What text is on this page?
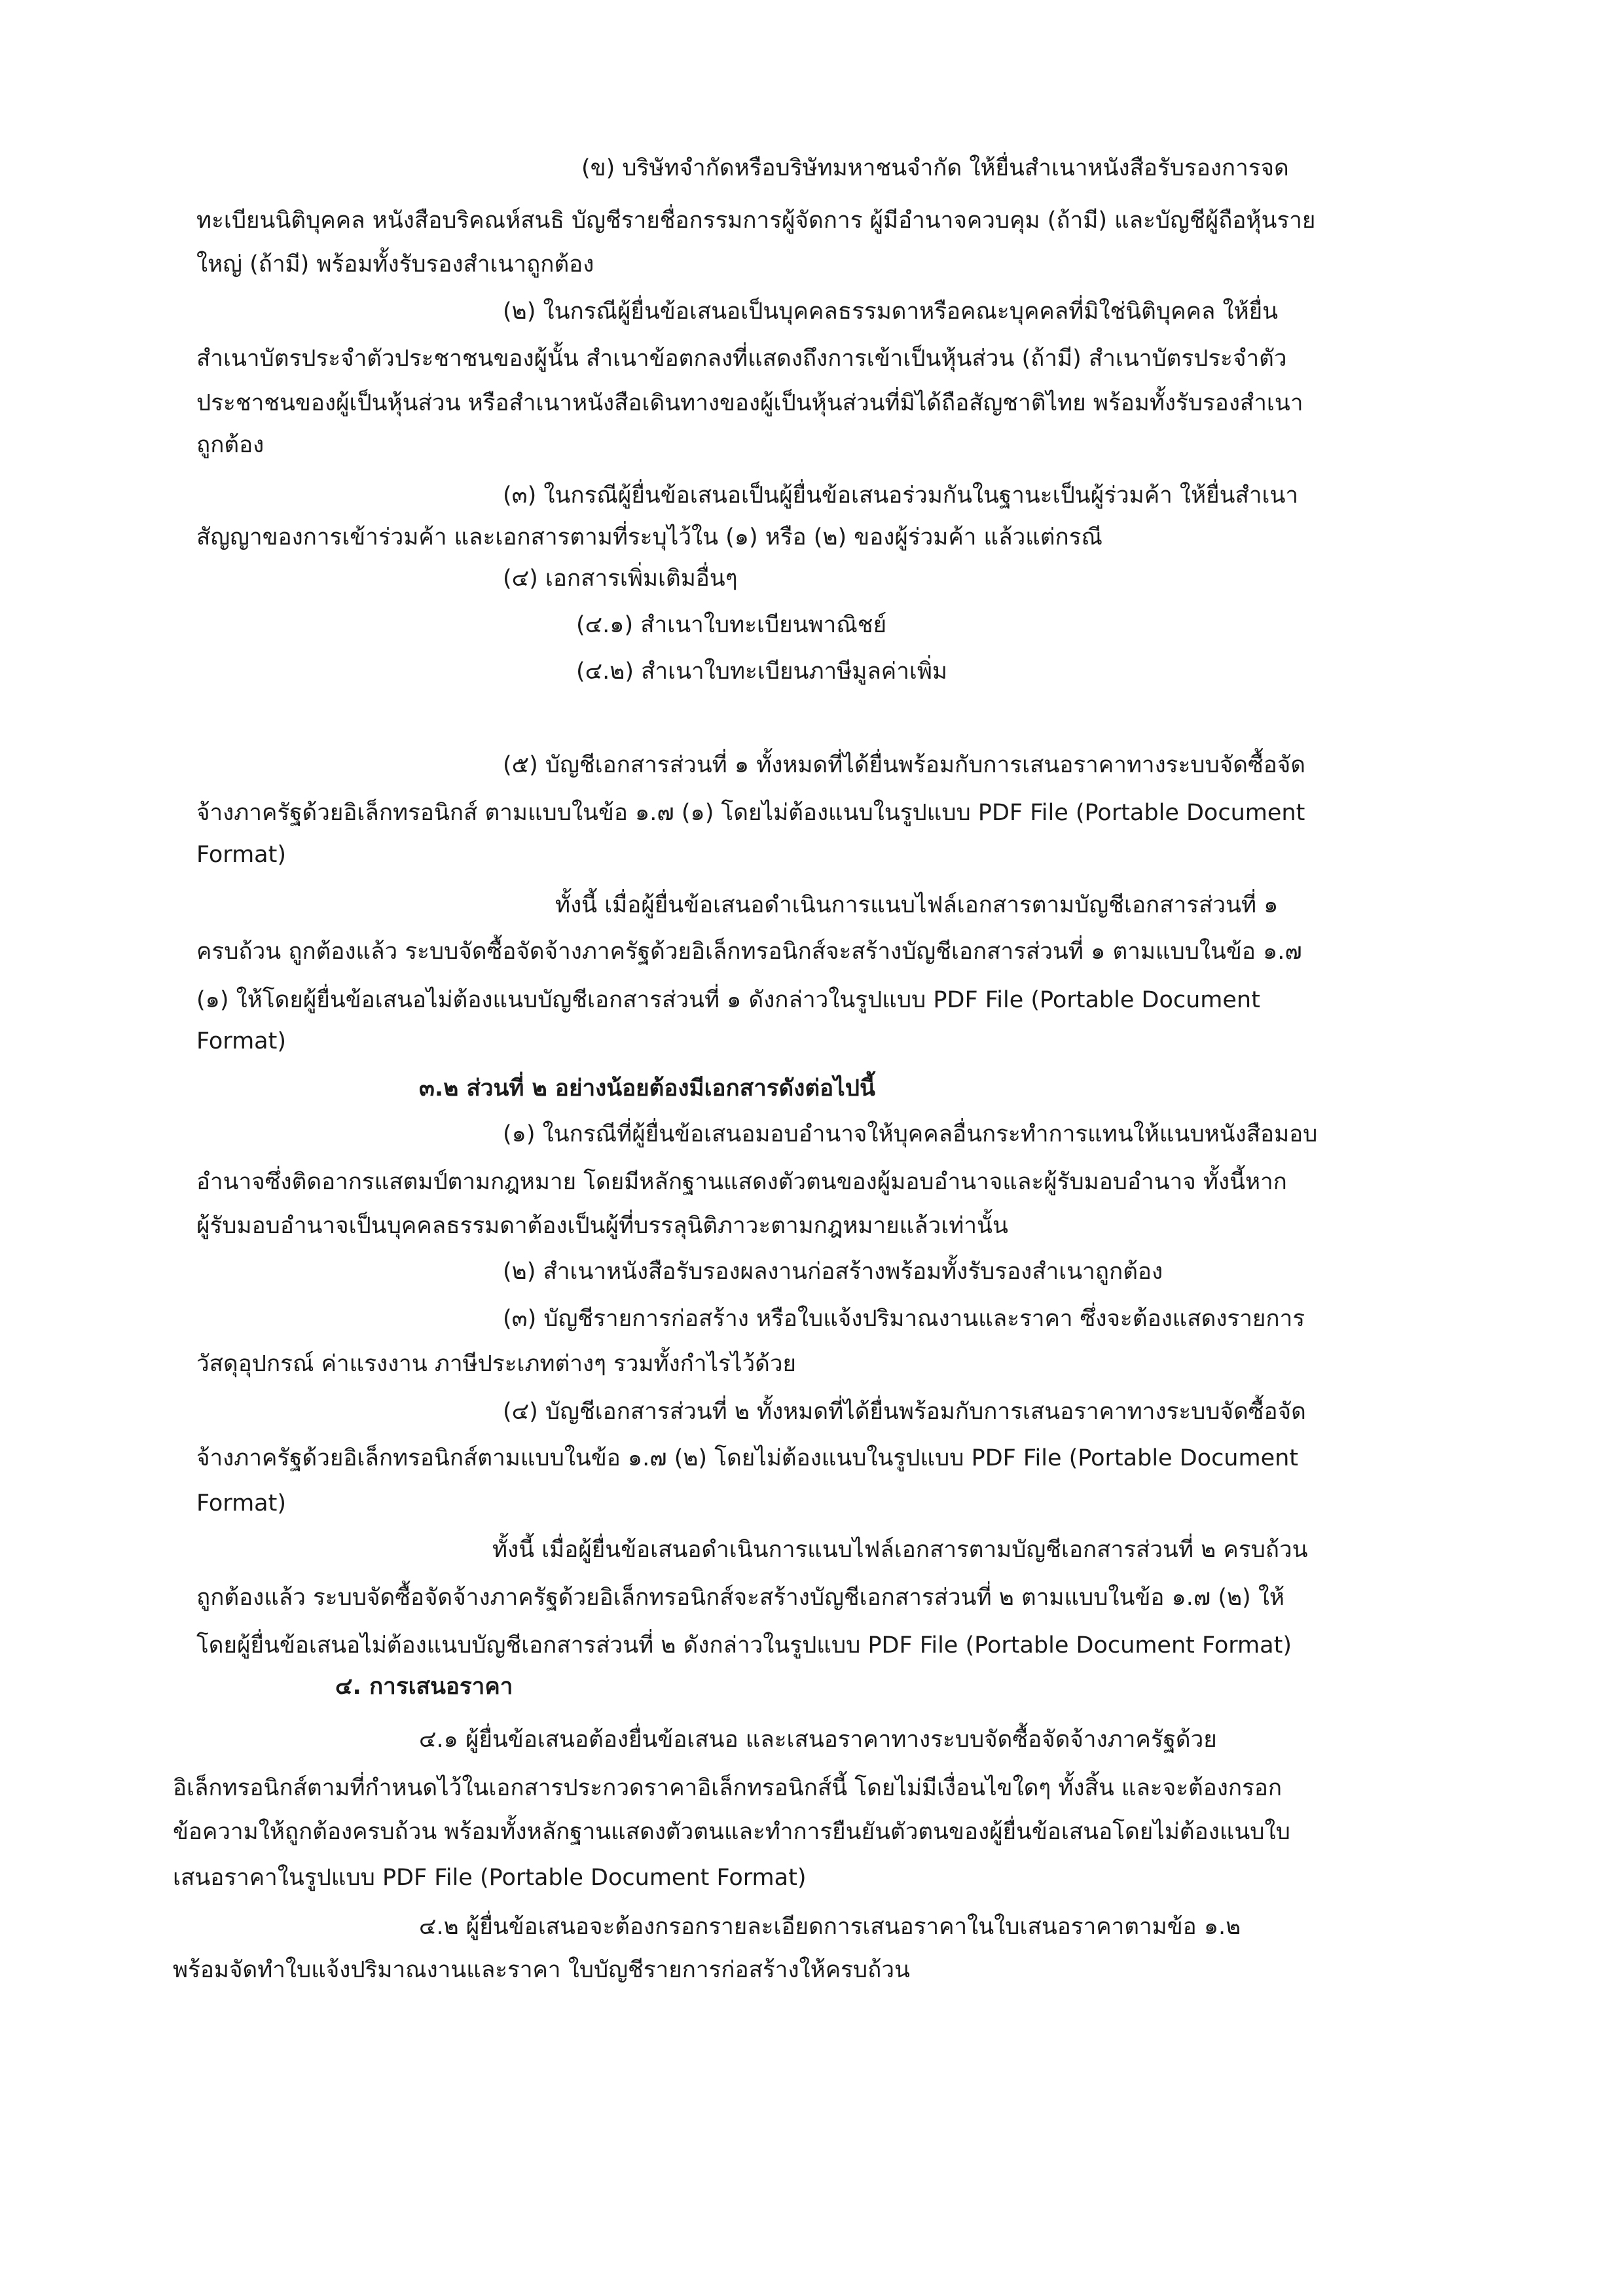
(ข) บริษัทจำกัดหรือบริษัทมหาชนจำกัด ให้ยื่นสำเนาหนังสือรับรองการจด

ทะเบียนนิติบุคคล หนังสือบริคณห์สนธิ บัญชีรายชื่อกรรมการผู้จัดการ ผู้มีอำนาจควบคุม (ถ้ามี) และบัญชีผู้ถือหุ้นราย

ใหญ่ (ถ้ามี) พร้อมทั้งรับรองสำเนาถูกต้อง

(๒) ในกรณีผู้ยื่นข้อเสนอเป็นบุคคลธรรมดาหรือคณะบุคคลที่มิใช่นิติบุคคล ให้ยื่น

สำเนาบัตรประจำตัวประชาชนของผู้นั้น สำเนาข้อตกลงที่แสดงถึงการเข้าเป็นหุ้นส่วน (ถ้ามี) สำเนาบัตรประจำตัว

ประชาชนของผู้เป็นหุ้นส่วน หรือสำเนาหนังสือเดินทางของผู้เป็นหุ้นส่วนที่มิได้ถือสัญชาติไทย พร้อมทั้งรับรองสำเนา

ถูกต้อง

(๓) ในกรณีผู้ยื่นข้อเสนอเป็นผู้ยื่นข้อเสนอร่วมกันในฐานะเป็นผู้ร่วมค้า ให้ยื่นสำเนา

สัญญาของการเข้าร่วมค้า และเอกสารตามที่ระบุไว้ใน (๑) หรือ (๒) ของผู้ร่วมค้า แล้วแต่กรณี

(๔) เอกสารเพิ่มเติมอื่นๆ

(๔.๑) สำเนาใบทะเบียนพาณิชย์

(๔.๒) สำเนาใบทะเบียนภาษีมูลค่าเพิ่ม

(๕) บัญชีเอกสารส่วนที่ ๑ ทั้งหมดที่ได้ยื่นพร้อมกับการเสนอราคาทางระบบจัดซื้อจัด

จ้างภาครัฐด้วยอิเล็กทรอนิกส์ ตามแบบในข้อ ๑.๗ (๑) โดยไม่ต้องแนบในรูปแบบ PDF File (Portable Document

Format)

ทั้งนี้ เมื่อผู้ยื่นข้อเสนอดำเนินการแนบไฟล์เอกสารตามบัญชีเอกสารส่วนที่ ๑

ครบถ้วน ถูกต้องแล้ว ระบบจัดซื้อจัดจ้างภาครัฐด้วยอิเล็กทรอนิกส์จะสร้างบัญชีเอกสารส่วนที่ ๑ ตามแบบในข้อ ๑.๗

(๑) ให้โดยผู้ยื่นข้อเสนอไม่ต้องแนบบัญชีเอกสารส่วนที่ ๑ ดังกล่าวในรูปแบบ PDF File (Portable Document

Format)

๓.๒ ส่วนที่ ๒ อย่างน้อยต้องมีเอกสารดังต่อไปนี้

(๑) ในกรณีที่ผู้ยื่นข้อเสนอมอบอำนาจให้บุคคลอื่นกระทำการแทนให้แนบหนังสือมอบ

อำนาจซึ่งติดอากรแสตมป์ตามกฎหมาย โดยมีหลักฐานแสดงตัวตนของผู้มอบอำนาจและผู้รับมอบอำนาจ ทั้งนี้หาก

ผู้รับมอบอำนาจเป็นบุคคลธรรมดาต้องเป็นผู้ที่บรรลุนิติภาวะตามกฎหมายแล้วเท่านั้น

(๒) สำเนาหนังสือรับรองผลงานก่อสร้างพร้อมทั้งรับรองสำเนาถูกต้อง

(๓) บัญชีรายการก่อสร้าง หรือใบแจ้งปริมาณงานและราคา ซึ่งจะต้องแสดงรายการ

วัสดุอุปกรณ์ ค่าแรงงาน ภาษีประเภทต่างๆ รวมทั้งกำไรไว้ด้วย

(๔) บัญชีเอกสารส่วนที่ ๒ ทั้งหมดที่ได้ยื่นพร้อมกับการเสนอราคาทางระบบจัดซื้อจัด

จ้างภาครัฐด้วยอิเล็กทรอนิกส์ตามแบบในข้อ ๑.๗ (๒) โดยไม่ต้องแนบในรูปแบบ PDF File (Portable Document

Format)

ทั้งนี้ เมื่อผู้ยื่นข้อเสนอดำเนินการแนบไฟล์เอกสารตามบัญชีเอกสารส่วนที่ ๒ ครบถ้วน

ถูกต้องแล้ว ระบบจัดซื้อจัดจ้างภาครัฐด้วยอิเล็กทรอนิกส์จะสร้างบัญชีเอกสารส่วนที่ ๒ ตามแบบในข้อ ๑.๗ (๒) ให้

โดยผู้ยื่นข้อเสนอไม่ต้องแนบบัญชีเอกสารส่วนที่ ๒ ดังกล่าวในรูปแบบ PDF File (Portable Document Format)

๔. การเสนอราคา

๔.๑ ผู้ยื่นข้อเสนอต้องยื่นข้อเสนอ และเสนอราคาทางระบบจัดซื้อจัดจ้างภาครัฐด้วย

อิเล็กทรอนิกส์ตามที่กำหนดไว้ในเอกสารประกวดราคาอิเล็กทรอนิกส์นี้ โดยไม่มีเงื่อนไขใดๆ ทั้งสิ้น และจะต้องกรอก

ข้อความให้ถูกต้องครบถ้วน พร้อมทั้งหลักฐานแสดงตัวตนและทำการยืนยันตัวตนของผู้ยื่นข้อเสนอโดยไม่ต้องแนบใบ

เสนอราคาในรูปแบบ PDF File (Portable Document Format)

๔.๒ ผู้ยื่นข้อเสนอจะต้องกรอกรายละเอียดการเสนอราคาในใบเสนอราคาตามข้อ ๑.๒

พร้อมจัดทำใบแจ้งปริมาณงานและราคา ใบบัญชีรายการก่อสร้างให้ครบถ้วน
